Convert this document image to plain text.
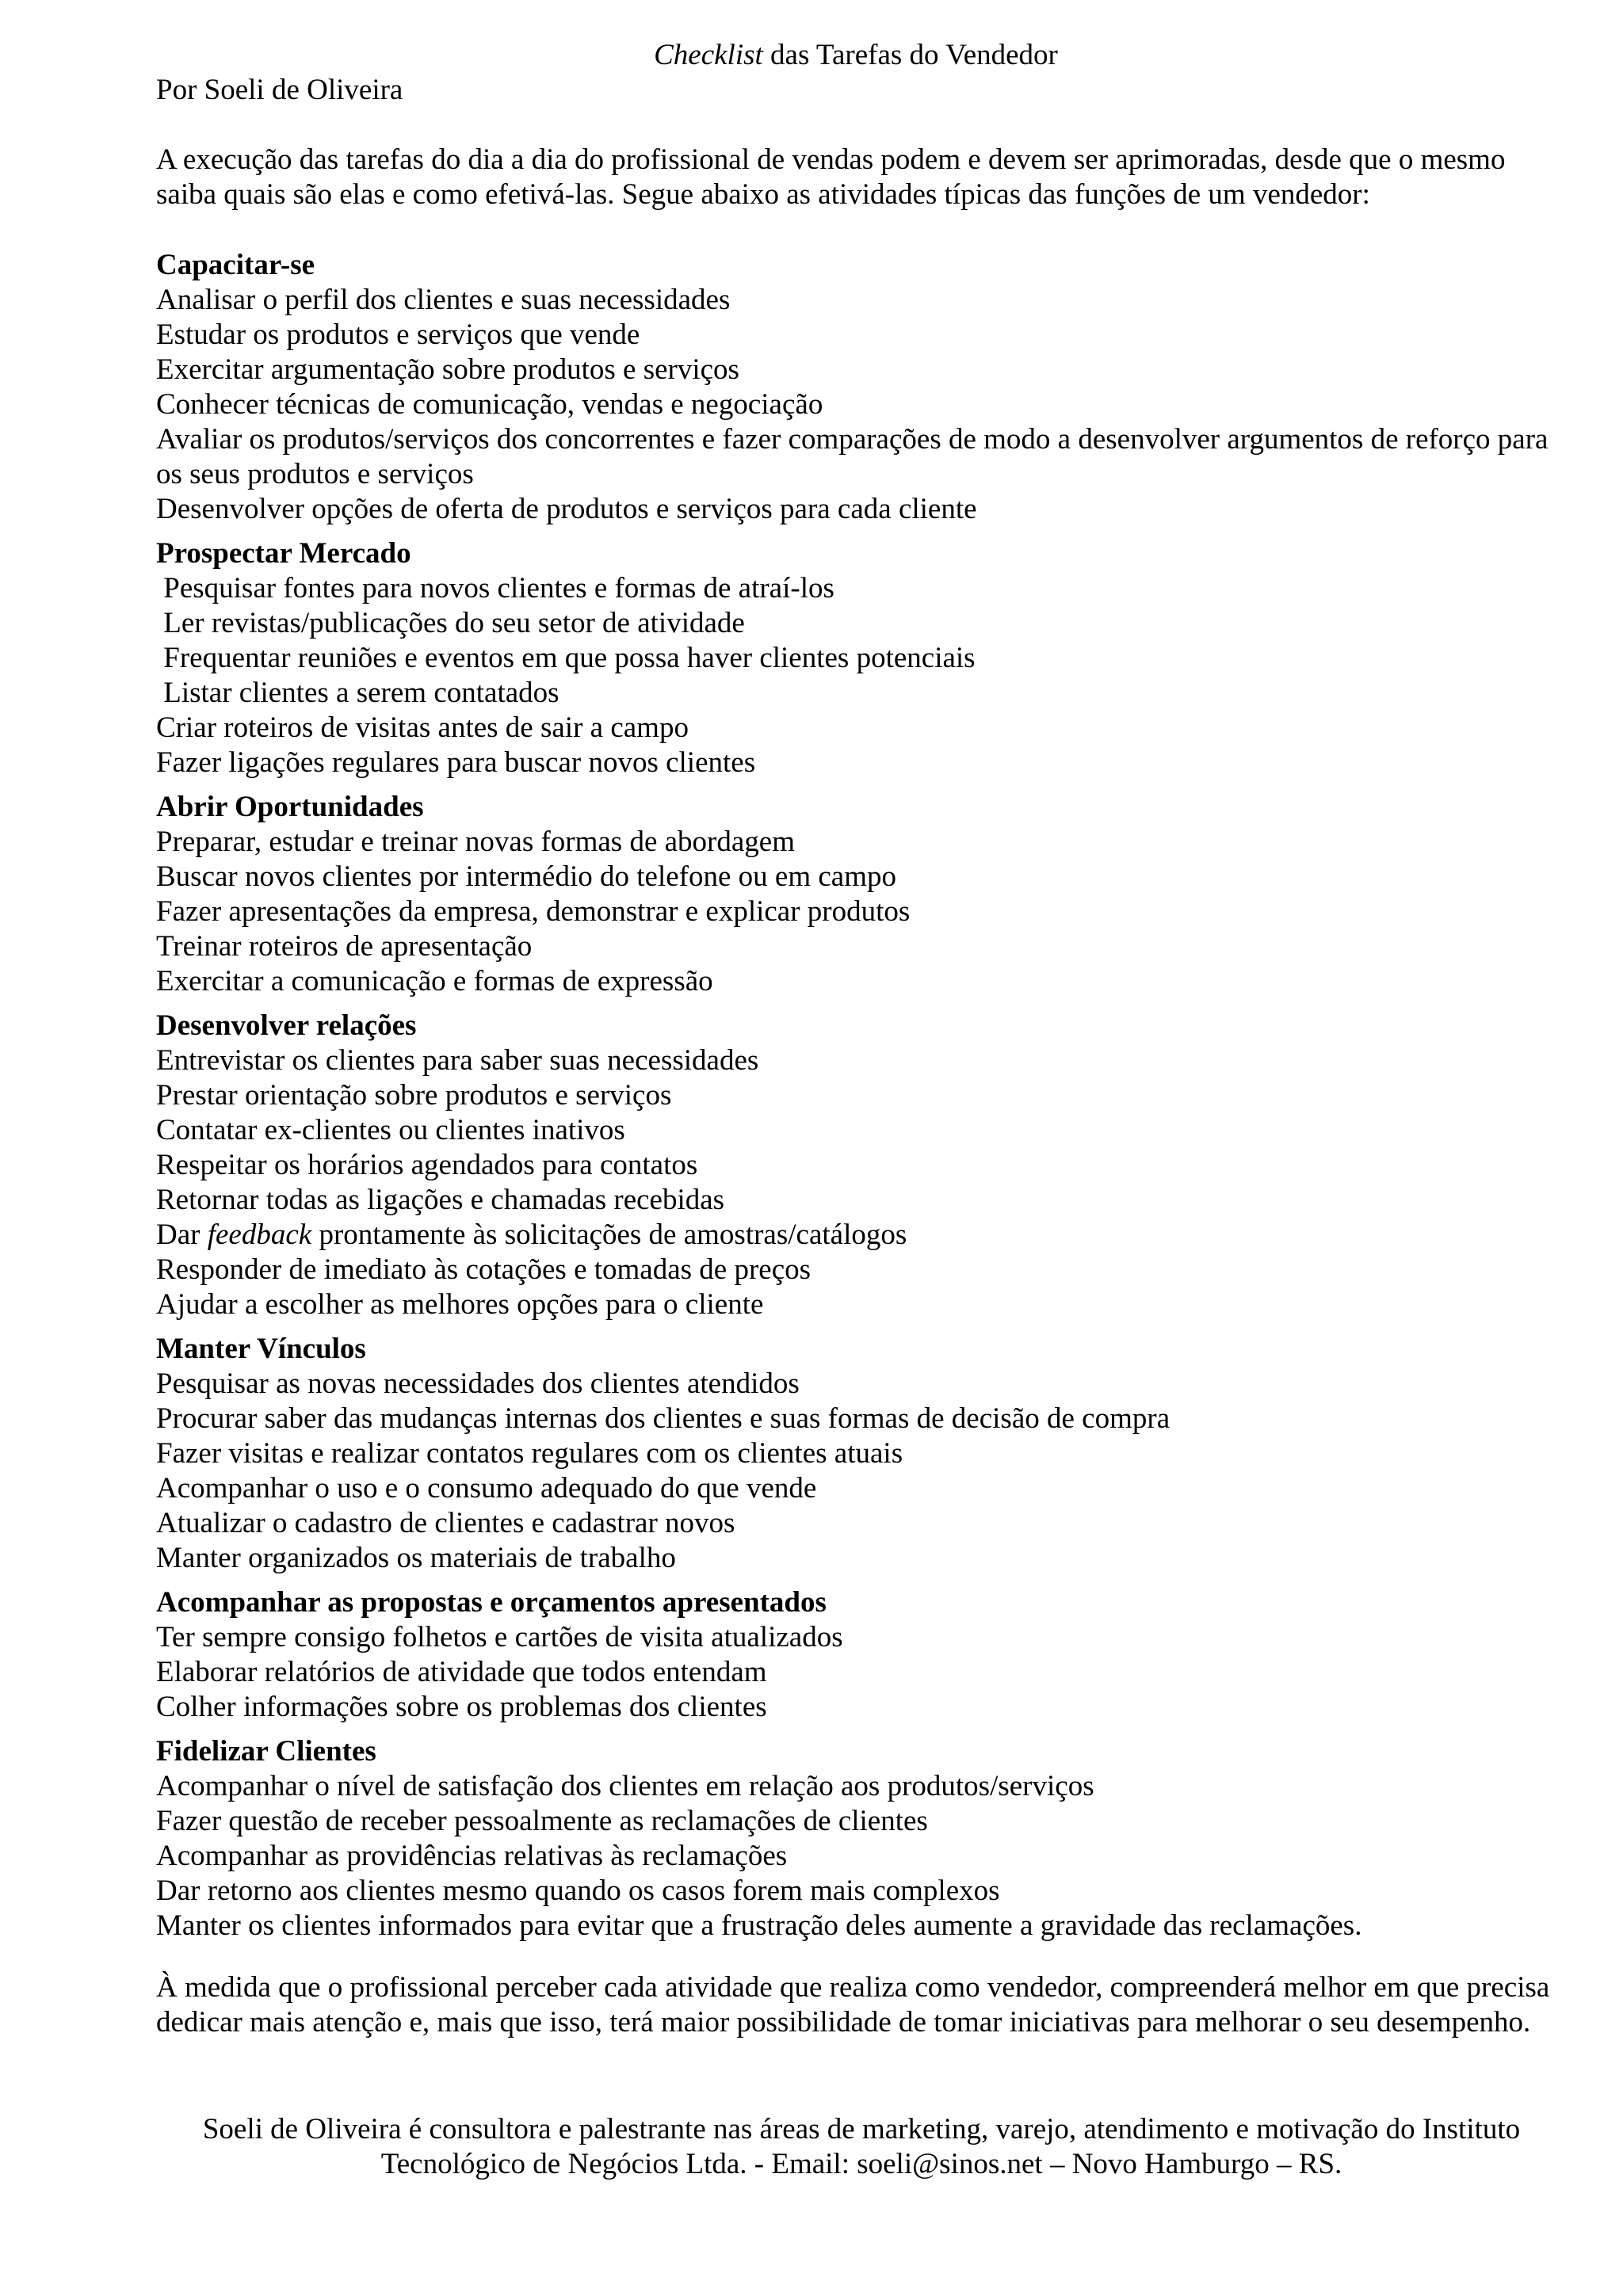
Checklist das Tarefas do Vendedor
Por Soeli de Oliveira

A execução das tarefas do dia a dia do profissional de vendas podem e devem ser aprimoradas, desde que o mesmo saiba quais são elas e como efetivá-las. Segue abaixo as atividades típicas das funções de um vendedor:

Capacitar-se
Analisar o perfil dos clientes e suas necessidades
Estudar os produtos e serviços que vende
Exercitar argumentação sobre produtos e serviços
Conhecer técnicas de comunicação, vendas e negociação
Avaliar os produtos/serviços dos concorrentes e fazer comparações de modo a desenvolver argumentos de reforço para os seus produtos e serviços
Desenvolver opções de oferta de produtos e serviços para cada cliente
Prospectar Mercado
Pesquisar fontes para novos clientes e formas de atraí-los
Ler revistas/publicações do seu setor de atividade
Frequentar reuniões e eventos em que possa haver clientes potenciais
Listar clientes a serem contatados
Criar roteiros de visitas antes de sair a campo
Fazer ligações regulares para buscar novos clientes
Abrir Oportunidades
Preparar, estudar e treinar novas formas de abordagem
Buscar novos clientes por intermédio do telefone ou em campo
Fazer apresentações da empresa, demonstrar e explicar produtos
Treinar roteiros de apresentação
Exercitar a comunicação e formas de expressão
Desenvolver relações
Entrevistar os clientes para saber suas necessidades
Prestar orientação sobre produtos e serviços
Contatar ex-clientes ou clientes inativos
Respeitar os horários agendados para contatos
Retornar todas as ligações e chamadas recebidas
Dar feedback prontamente às solicitações de amostras/catálogos
Responder de imediato às cotações e tomadas de preços
Ajudar a escolher as melhores opções para o cliente
Manter Vínculos
Pesquisar as novas necessidades dos clientes atendidos
Procurar saber das mudanças internas dos clientes e suas formas de decisão de compra
Fazer visitas e realizar contatos regulares com os clientes atuais
Acompanhar o uso e o consumo adequado do que vende
Atualizar o cadastro de clientes e cadastrar novos
Manter organizados os materiais de trabalho
Acompanhar as propostas e orçamentos apresentados
Ter sempre consigo folhetos e cartões de visita atualizados
Elaborar relatórios de atividade que todos entendam
Colher informações sobre os problemas dos clientes
Fidelizar Clientes
Acompanhar o nível de satisfação dos clientes em relação aos produtos/serviços
Fazer questão de receber pessoalmente as reclamações de clientes
Acompanhar as providências relativas às reclamações
Dar retorno aos clientes mesmo quando os casos forem mais complexos
Manter os clientes informados para evitar que a frustração deles aumente a gravidade das reclamações.

À medida que o profissional perceber cada atividade que realiza como vendedor, compreenderá melhor em que precisa dedicar mais atenção e, mais que isso, terá maior possibilidade de tomar iniciativas para melhorar o seu desempenho.

Soeli de Oliveira é consultora e palestrante nas áreas de marketing, varejo, atendimento e motivação do Instituto
Tecnológico de Negócios Ltda. - Email: soeli@sinos.net – Novo Hamburgo – RS.
